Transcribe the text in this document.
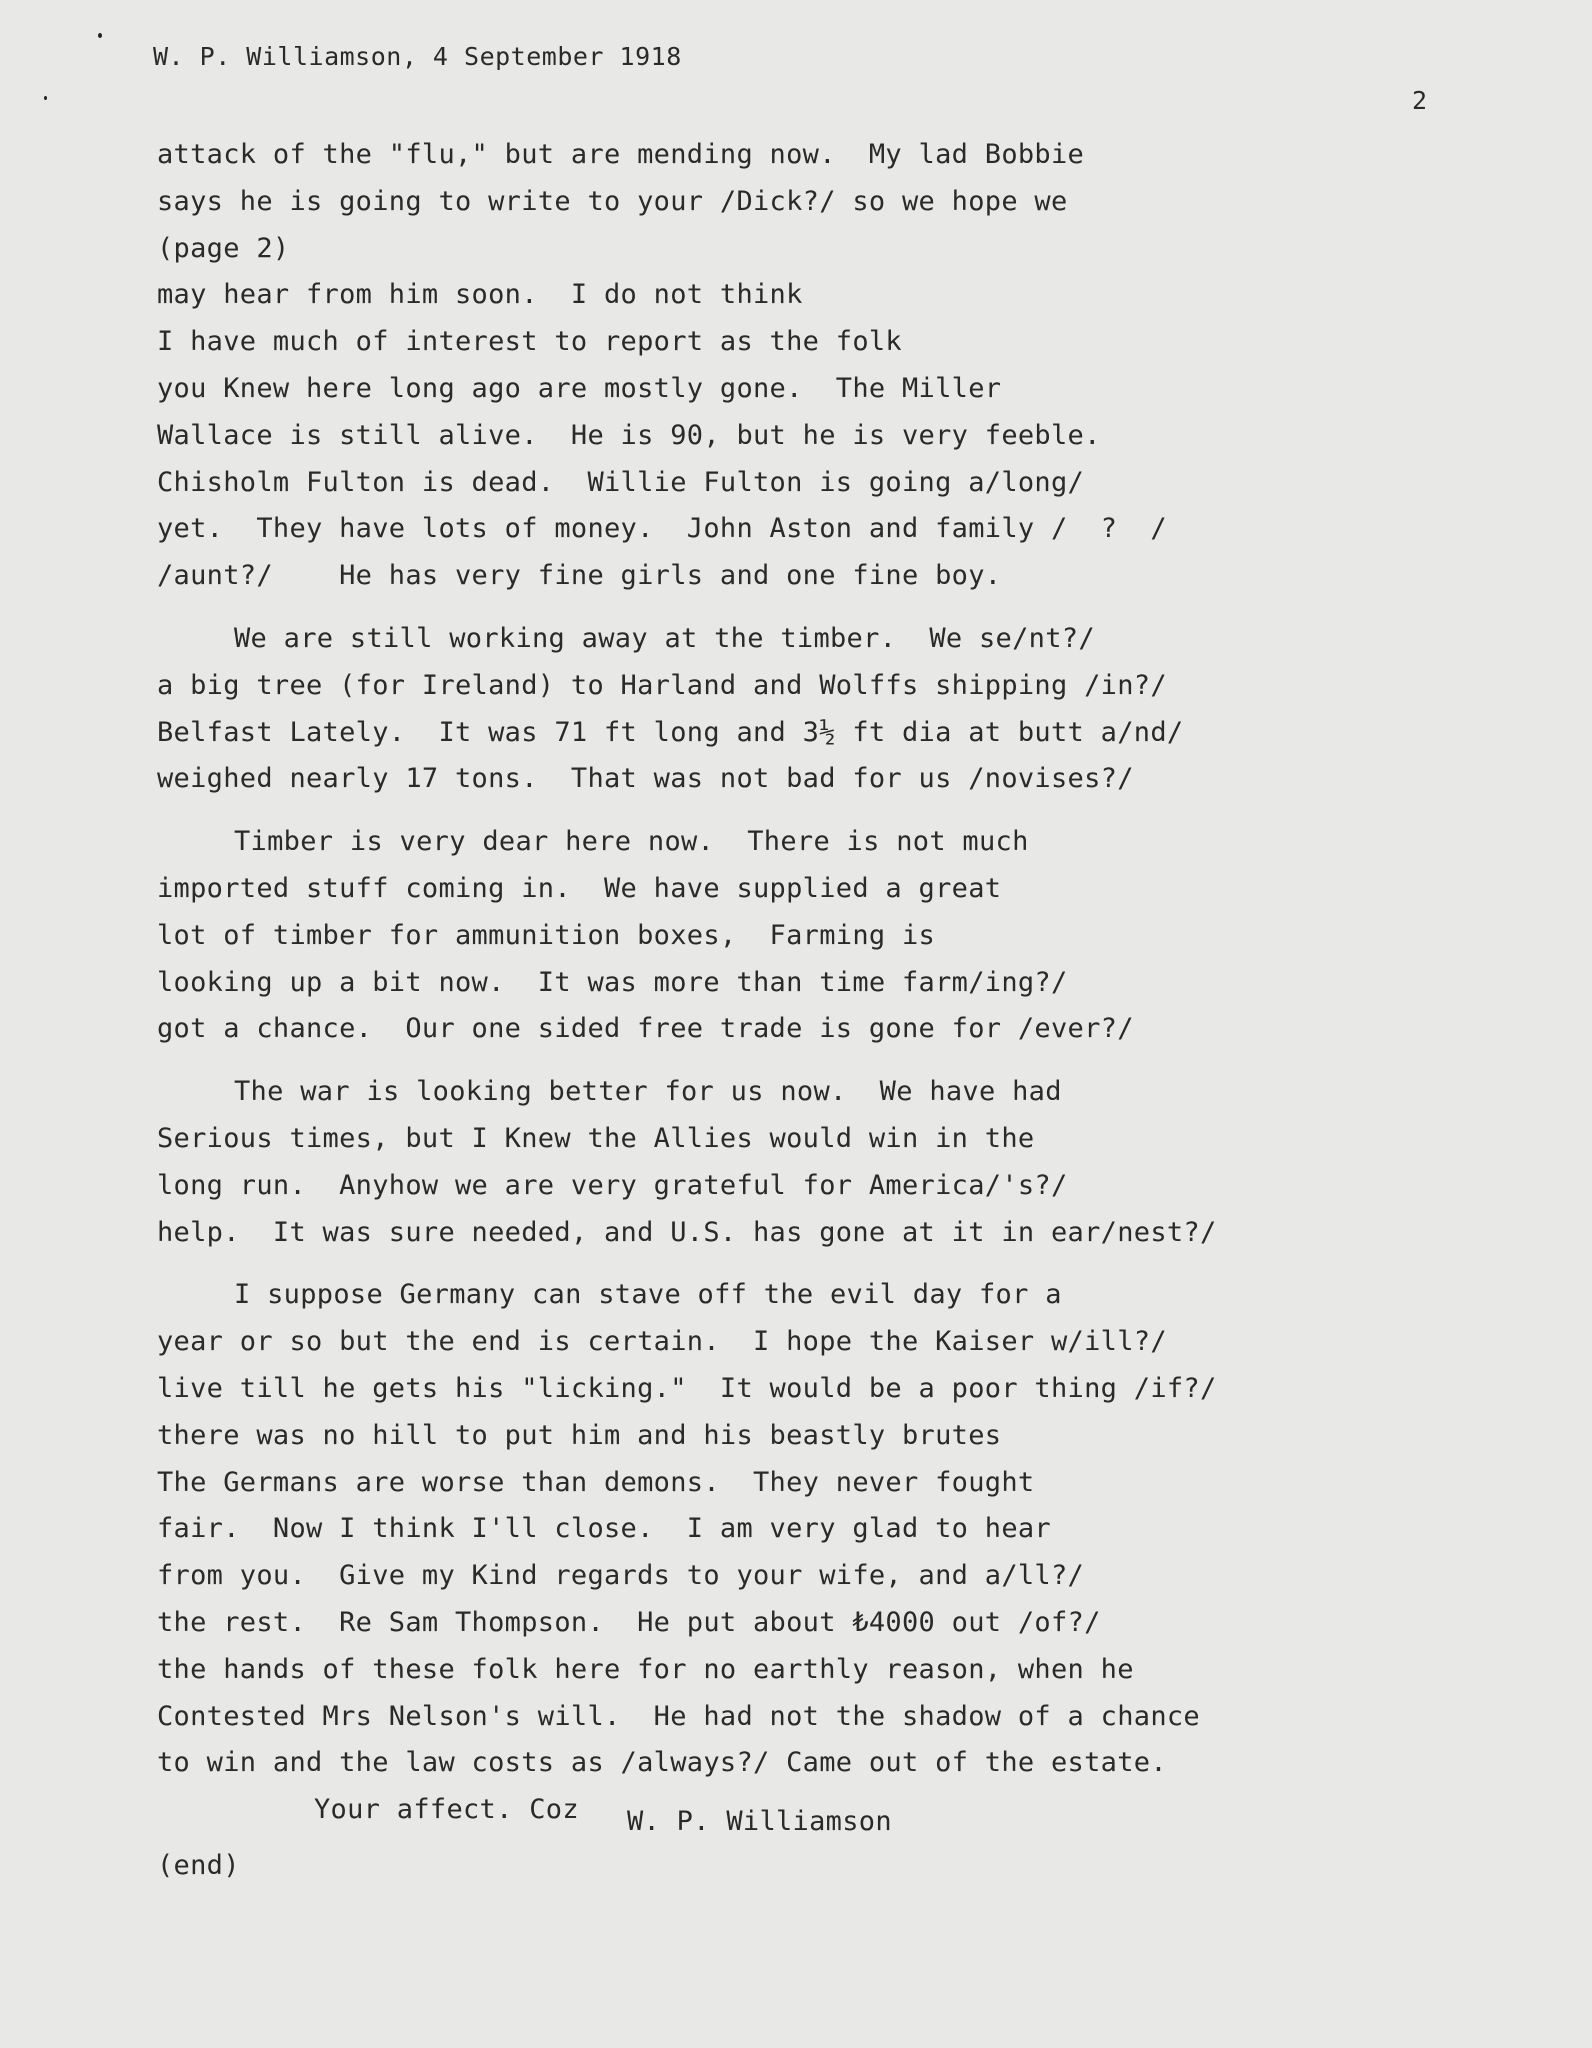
W. P. Williamson, 4 September 1918
2
attack of the "flu," but are mending now.  My lad Bobbie
says he is going to write to your /Dick?/ so we hope we
(page 2)
may hear from him soon.  I do not think
I have much of interest to report as the folk
you Knew here long ago are mostly gone.  The Miller
Wallace is still alive.  He is 90, but he is very feeble.
Chisholm Fulton is dead.  Willie Fulton is going a/long/
yet.  They have lots of money.  John Aston and family /  ?  /
/aunt?/    He has very fine girls and one fine boy.
We are still working away at the timber.  We se/nt?/
a big tree (for Ireland) to Harland and Wolffs shipping /in?/
Belfast Lately.  It was 71 ft long and 3½ ft dia at butt a/nd/
weighed nearly 17 tons.  That was not bad for us /novises?/
Timber is very dear here now.  There is not much
imported stuff coming in.  We have supplied a great
lot of timber for ammunition boxes,  Farming is
looking up a bit now.  It was more than time farm/ing?/
got a chance.  Our one sided free trade is gone for /ever?/
The war is looking better for us now.  We have had
Serious times, but I Knew the Allies would win in the
long run.  Anyhow we are very grateful for America/'s?/
help.  It was sure needed, and U.S. has gone at it in ear/nest?/
I suppose Germany can stave off the evil day for a
year or so but the end is certain.  I hope the Kaiser w/ill?/
live till he gets his "licking."  It would be a poor thing /if?/
there was no hill to put him and his beastly brutes
The Germans are worse than demons.  They never fought
fair.  Now I think I'll close.  I am very glad to hear
from you.  Give my Kind regards to your wife, and a/ll?/
the rest.  Re Sam Thompson.  He put about ₺4000 out /of?/
the hands of these folk here for no earthly reason, when he
Contested Mrs Nelson's will.  He had not the shadow of a chance
to win and the law costs as /always?/ Came out of the estate.
Your affect. Coz W. P. Williamson
(end)
